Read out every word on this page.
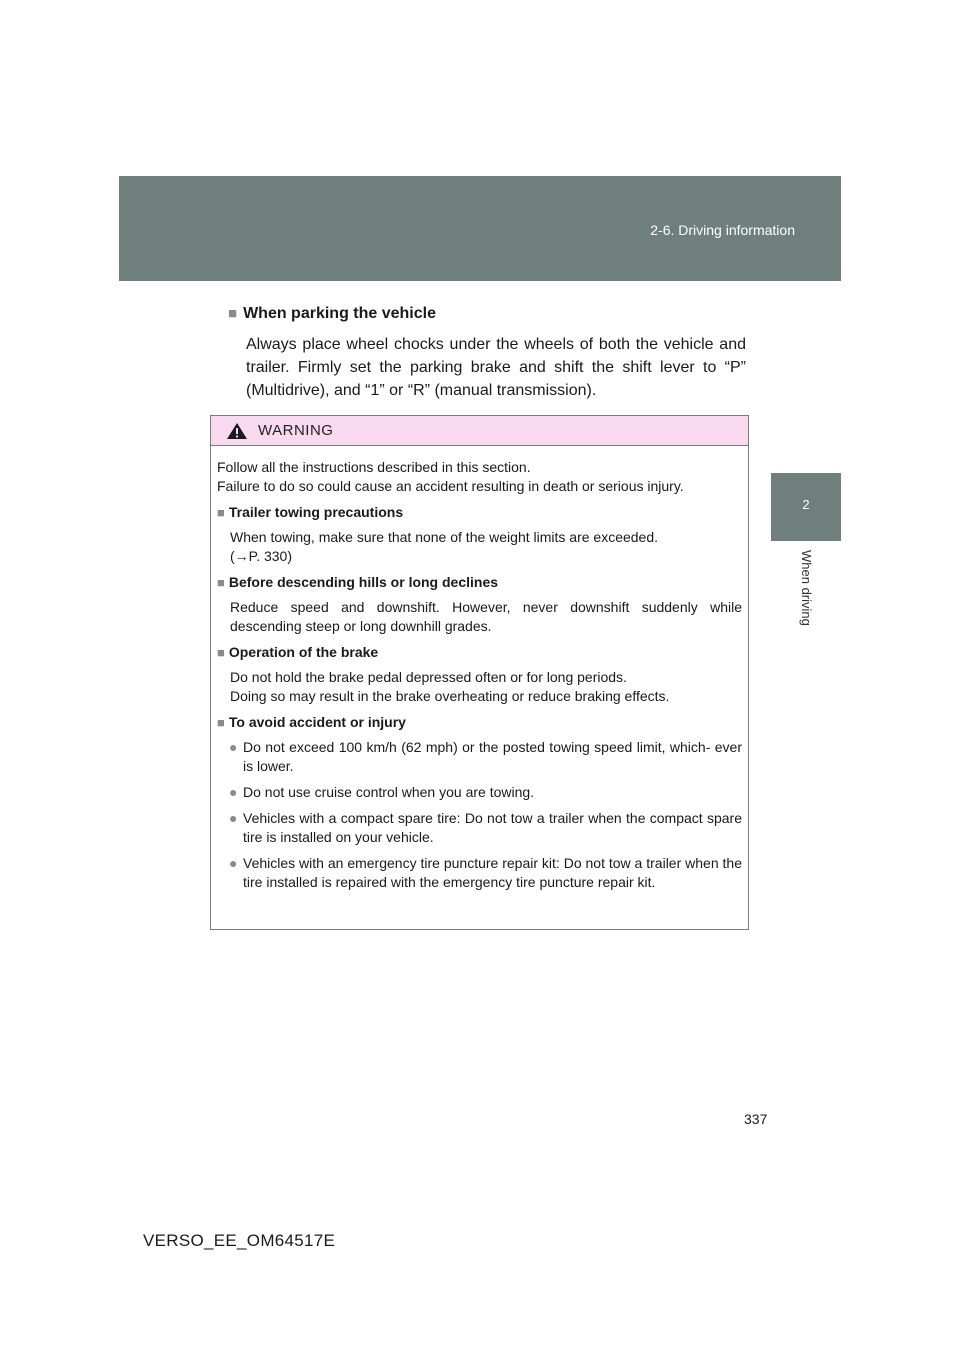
2-6. Driving information
2
When driving
■ When parking the vehicle

Always place wheel chocks under the wheels of both the vehicle and trailer. Firmly set the parking brake and shift the shift lever to “P” (Multidrive), and “1” or “R” (manual transmission).

WARNING

Follow all the instructions described in this section.

Failure to do so could cause an accident resulting in death or serious injury.

■ Trailer towing precautions

When towing, make sure that none of the weight limits are exceeded.

(→P. 330)

■ Before descending hills or long declines

Reduce speed and downshift. However, never downshift suddenly while descending steep or long downhill grades.

■ Operation of the brake

Do not hold the brake pedal depressed often or for long periods.

Doing so may result in the brake overheating or reduce braking effects.

■ To avoid accident or injury
● Do not exceed 100 km/h (62 mph) or the posted towing speed limit, which- ever is lower.
● Do not use cruise control when you are towing.
● Vehicles with a compact spare tire: Do not tow a trailer when the compact spare tire is installed on your vehicle.
● Vehicles with an emergency tire puncture repair kit: Do not tow a trailer when the tire installed is repaired with the emergency tire puncture repair kit.
337
VERSO_EE_OM64517E
